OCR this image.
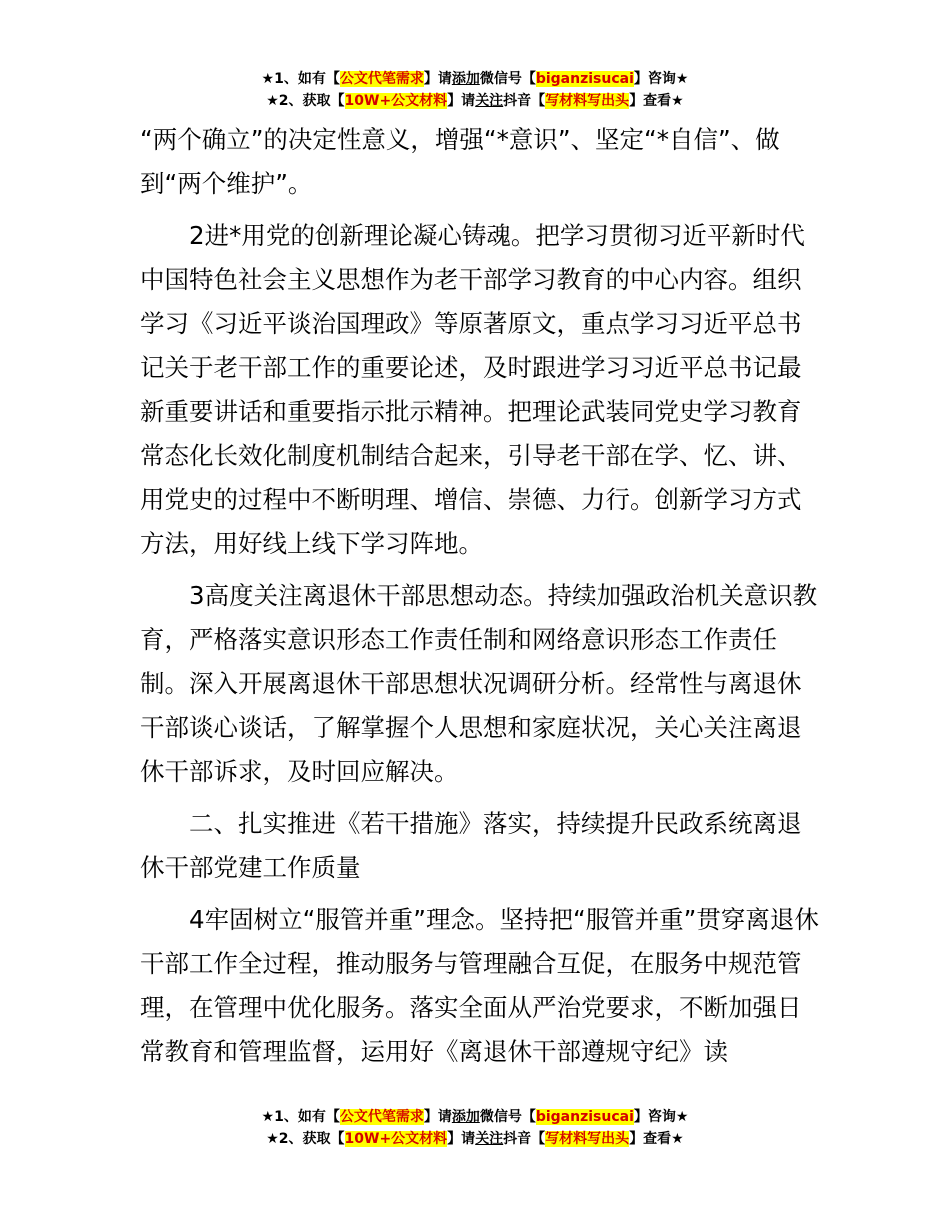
★1、如有【公文代笔需求】请添加微信号【biganzisucai】咨询★
★2、获取【10W+公文材料】请关注抖音【写材料写出头】查看★

“两个确立”的决定性意义，增强“*意识”、坚定“*自信”、做到“两个维护”。

2进*用党的创新理论凝心铸魂。把学习贯彻习近平新时代中国特色社会主义思想作为老干部学习教育的中心内容。组织学习《习近平谈治国理政》等原著原文，重点学习习近平总书记关于老干部工作的重要论述，及时跟进学习习近平总书记最新重要讲话和重要指示批示精神。把理论武装同党史学习教育常态化长效化制度机制结合起来，引导老干部在学、忆、讲、用党史的过程中不断明理、增信、崇德、力行。创新学习方式方法，用好线上线下学习阵地。

3高度关注离退休干部思想动态。持续加强政治机关意识教育，严格落实意识形态工作责任制和网络意识形态工作责任制。深入开展离退休干部思想状况调研分析。经常性与离退休干部谈心谈话，了解掌握个人思想和家庭状况，关心关注离退休干部诉求，及时回应解决。

二、扎实推进《若干措施》落实，持续提升民政系统离退休干部党建工作质量

4牢固树立“服管并重”理念。坚持把“服管并重”贯穿离退休干部工作全过程，推动服务与管理融合互促，在服务中规范管理，在管理中优化服务。落实全面从严治党要求，不断加强日常教育和管理监督，运用好《离退休干部遵规守纪》读

★1、如有【公文代笔需求】请添加微信号【biganzisucai】咨询★
★2、获取【10W+公文材料】请关注抖音【写材料写出头】查看★
